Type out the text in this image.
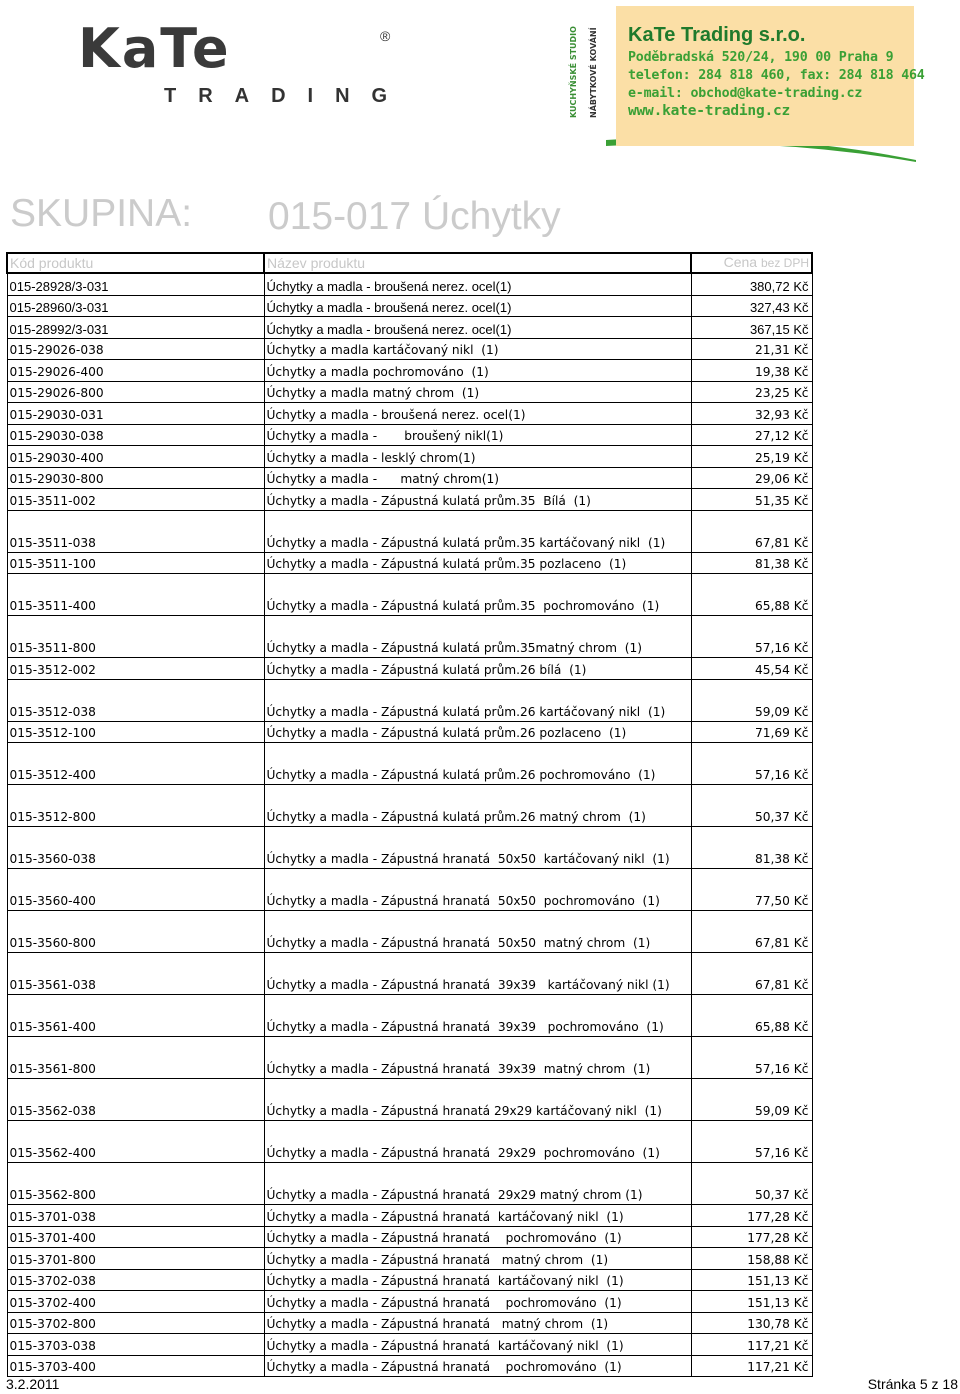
KaTe	®
TRADING	KUCHYŇSKÉ STUDIO	NÁBYTKOVÉ KOVÁNÍ KaTe Trading s.r.o.
Poděbradská 520/24, 190 00 Praha 9
telefon: 284 818 460, fax: 284 818 464
e-mail: obchod@kate-trading.cz
www.kate-trading.cz
SKUPINA: 015-017 Úchytky
Kód produktu	Název produktu	Cena bez DPH
015-28928/3-031	Úchytky a madla - broušená nerez. ocel(1)	380,72 Kč
015-28960/3-031	Úchytky a madla - broušená nerez. ocel(1)	327,43 Kč
015-28992/3-031	Úchytky a madla - broušená nerez. ocel(1)	367,15 Kč
015-29026-038	Úchytky a madla kartáčovaný nikl  (1)	21,31 Kč
015-29026-400	Úchytky a madla pochromováno  (1)	19,38 Kč
015-29026-800	Úchytky a madla matný chrom  (1)	23,25 Kč
015-29030-031	Úchytky a madla - broušená nerez. ocel(1)	32,93 Kč
015-29030-038	Úchytky a madla -       broušený nikl(1)	27,12 Kč
015-29030-400	Úchytky a madla - lesklý chrom(1)	25,19 Kč
015-29030-800	Úchytky a madla -      matný chrom(1)	29,06 Kč
015-3511-002	Úchytky a madla - Zápustná kulatá prům.35  Bílá  (1)	51,35 Kč
015-3511-038	Úchytky a madla - Zápustná kulatá prům.35 kartáčovaný nikl  (1)	67,81 Kč
015-3511-100	Úchytky a madla - Zápustná kulatá prům.35 pozlaceno  (1)	81,38 Kč
015-3511-400	Úchytky a madla - Zápustná kulatá prům.35  pochromováno  (1)	65,88 Kč
015-3511-800	Úchytky a madla - Zápustná kulatá prům.35matný chrom  (1)	57,16 Kč
015-3512-002	Úchytky a madla - Zápustná kulatá prům.26 bílá  (1)	45,54 Kč
015-3512-038	Úchytky a madla - Zápustná kulatá prům.26 kartáčovaný nikl  (1)	59,09 Kč
015-3512-100	Úchytky a madla - Zápustná kulatá prům.26 pozlaceno  (1)	71,69 Kč
015-3512-400	Úchytky a madla - Zápustná kulatá prům.26 pochromováno  (1)	57,16 Kč
015-3512-800	Úchytky a madla - Zápustná kulatá prům.26 matný chrom  (1)	50,37 Kč
015-3560-038	Úchytky a madla - Zápustná hranatá  50x50  kartáčovaný nikl  (1)	81,38 Kč
015-3560-400	Úchytky a madla - Zápustná hranatá  50x50  pochromováno  (1)	77,50 Kč
015-3560-800	Úchytky a madla - Zápustná hranatá  50x50  matný chrom  (1)	67,81 Kč
015-3561-038	Úchytky a madla - Zápustná hranatá  39x39   kartáčovaný nikl (1)	67,81 Kč
015-3561-400	Úchytky a madla - Zápustná hranatá  39x39   pochromováno  (1)	65,88 Kč
015-3561-800	Úchytky a madla - Zápustná hranatá  39x39  matný chrom  (1)	57,16 Kč
015-3562-038	Úchytky a madla - Zápustná hranatá 29x29 kartáčovaný nikl  (1)	59,09 Kč
015-3562-400	Úchytky a madla - Zápustná hranatá  29x29  pochromováno  (1)	57,16 Kč
015-3562-800	Úchytky a madla - Zápustná hranatá  29x29 matný chrom (1)	50,37 Kč
015-3701-038	Úchytky a madla - Zápustná hranatá  kartáčovaný nikl  (1)	177,28 Kč
015-3701-400	Úchytky a madla - Zápustná hranatá    pochromováno  (1)	177,28 Kč
015-3701-800	Úchytky a madla - Zápustná hranatá   matný chrom  (1)	158,88 Kč
015-3702-038	Úchytky a madla - Zápustná hranatá  kartáčovaný nikl  (1)	151,13 Kč
015-3702-400	Úchytky a madla - Zápustná hranatá    pochromováno  (1)	151,13 Kč
015-3702-800	Úchytky a madla - Zápustná hranatá   matný chrom  (1)	130,78 Kč
015-3703-038	Úchytky a madla - Zápustná hranatá  kartáčovaný nikl  (1)	117,21 Kč
015-3703-400	Úchytky a madla - Zápustná hranatá    pochromováno  (1)	117,21 Kč
3.2.2011	Stránka 5 z 18
